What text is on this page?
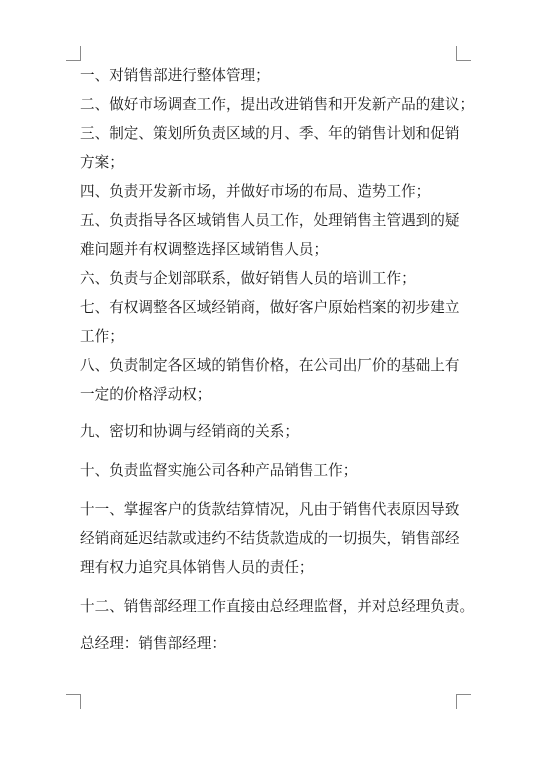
一、对销售部进行整体管理；

二、做好市场调查工作，提出改进销售和开发新产品的建议；

三、制定、策划所负责区域的月、季、年的销售计划和促销
方案；

四、负责开发新市场，并做好市场的布局、造势工作；

五、负责指导各区域销售人员工作，处理销售主管遇到的疑
难问题并有权调整选择区域销售人员；

六、负责与企划部联系，做好销售人员的培训工作；

七、有权调整各区域经销商，做好客户原始档案的初步建立
工作；

八、负责制定各区域的销售价格，在公司出厂价的基础上有
一定的价格浮动权；

九、密切和协调与经销商的关系；

十、负责监督实施公司各种产品销售工作；

十一、掌握客户的货款结算情况，凡由于销售代表原因导致
经销商延迟结款或违约不结货款造成的一切损失，销售部经
理有权力追究具体销售人员的责任；

十二、销售部经理工作直接由总经理监督，并对总经理负责。

总经理：销售部经理：
